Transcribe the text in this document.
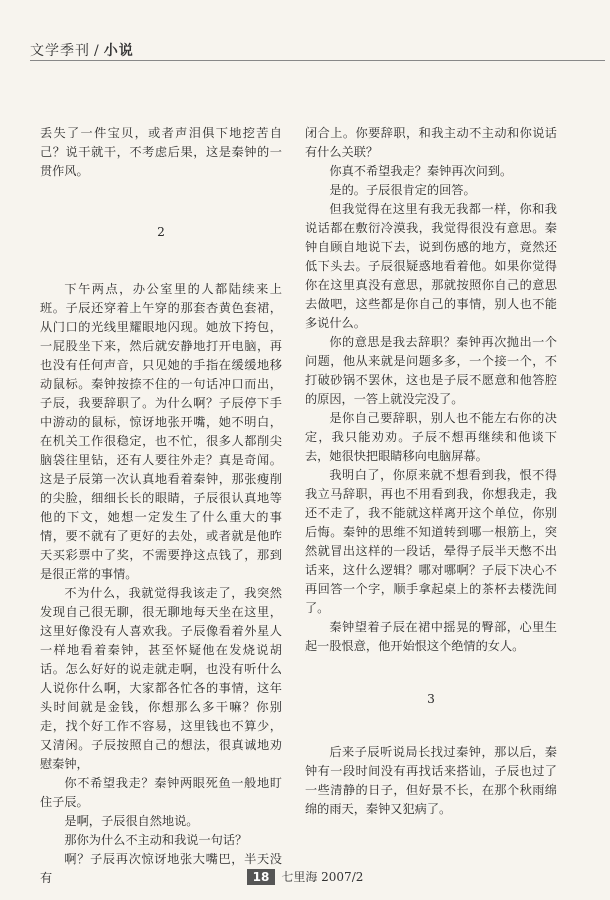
文学季刊 / 小说

丢失了一件宝贝，或者声泪俱下地挖苦自己？说干就干，不考虑后果，这是秦钟的一贯作风。

2

下午两点，办公室里的人都陆续来上班。子辰还穿着上午穿的那套杏黄色套裙，从门口的光线里耀眼地闪现。她放下挎包，一屁股坐下来，然后就安静地打开电脑，再也没有任何声音，只见她的手指在缓缓地移动鼠标。秦钟按捺不住的一句话冲口而出，子辰，我要辞职了。为什么啊？子辰停下手中游动的鼠标，惊讶地张开嘴，她不明白，在机关工作很稳定，也不忙，很多人都削尖脑袋往里钻，还有人要往外走？真是奇闻。这是子辰第一次认真地看着秦钟，那张瘦削的尖脸，细细长长的眼睛，子辰很认真地等他的下文，她想一定发生了什么重大的事情，要不就有了更好的去处，或者就是他昨天买彩票中了奖，不需要挣这点钱了，那到是很正常的事情。

不为什么，我就觉得我该走了，我突然发现自己很无聊，很无聊地每天坐在这里，这里好像没有人喜欢我。子辰像看着外星人一样地看着秦钟，甚至怀疑他在发烧说胡话。怎么好好的说走就走啊，也没有听什么人说你什么啊，大家都各忙各的事情，这年头时间就是金钱，你想那么多干嘛？你别走，找个好工作不容易，这里钱也不算少，又清闲。子辰按照自己的想法，很真诚地劝慰秦钟，

你不希望我走？秦钟两眼死鱼一般地盯住子辰。

是啊，子辰很自然地说。

那你为什么不主动和我说一句话？

啊？子辰再次惊讶地张大嘴巴，半天没有

闭合上。你要辞职，和我主动不主动和你说话有什么关联？

你真不希望我走？秦钟再次问到。

是的。子辰很肯定的回答。

但我觉得在这里有我无我都一样，你和我说话都在敷衍冷漠我，我觉得很没有意思。秦钟自顾自地说下去，说到伤感的地方，竟然还低下头去。子辰很疑惑地看着他。如果你觉得你在这里真没有意思，那就按照你自己的意思去做吧，这些都是你自己的事情，别人也不能多说什么。

你的意思是我去辞职？秦钟再次抛出一个问题，他从来就是问题多多，一个接一个，不打破砂锅不罢休，这也是子辰不愿意和他答腔的原因，一答上就没完没了。

是你自己要辞职，别人也不能左右你的决定，我只能劝劝。子辰不想再继续和他谈下去，她很快把眼睛移向电脑屏幕。

我明白了，你原来就不想看到我，恨不得我立马辞职，再也不用看到我，你想我走，我还不走了，我不能就这样离开这个单位，你别后悔。秦钟的思维不知道转到哪一根筋上，突然就冒出这样的一段话，晕得子辰半天憋不出话来，这什么逻辑？哪对哪啊？子辰下决心不再回答一个字，顺手拿起桌上的茶杯去楼洗间了。

秦钟望着子辰在裙中摇晃的臀部，心里生起一股恨意，他开始恨这个绝情的女人。

3

后来子辰听说局长找过秦钟，那以后，秦钟有一段时间没有再找话来搭讪，子辰也过了一些清静的日子，但好景不长，在那个秋雨绵绵的雨天，秦钟又犯病了。

18 七里海 2007/2
